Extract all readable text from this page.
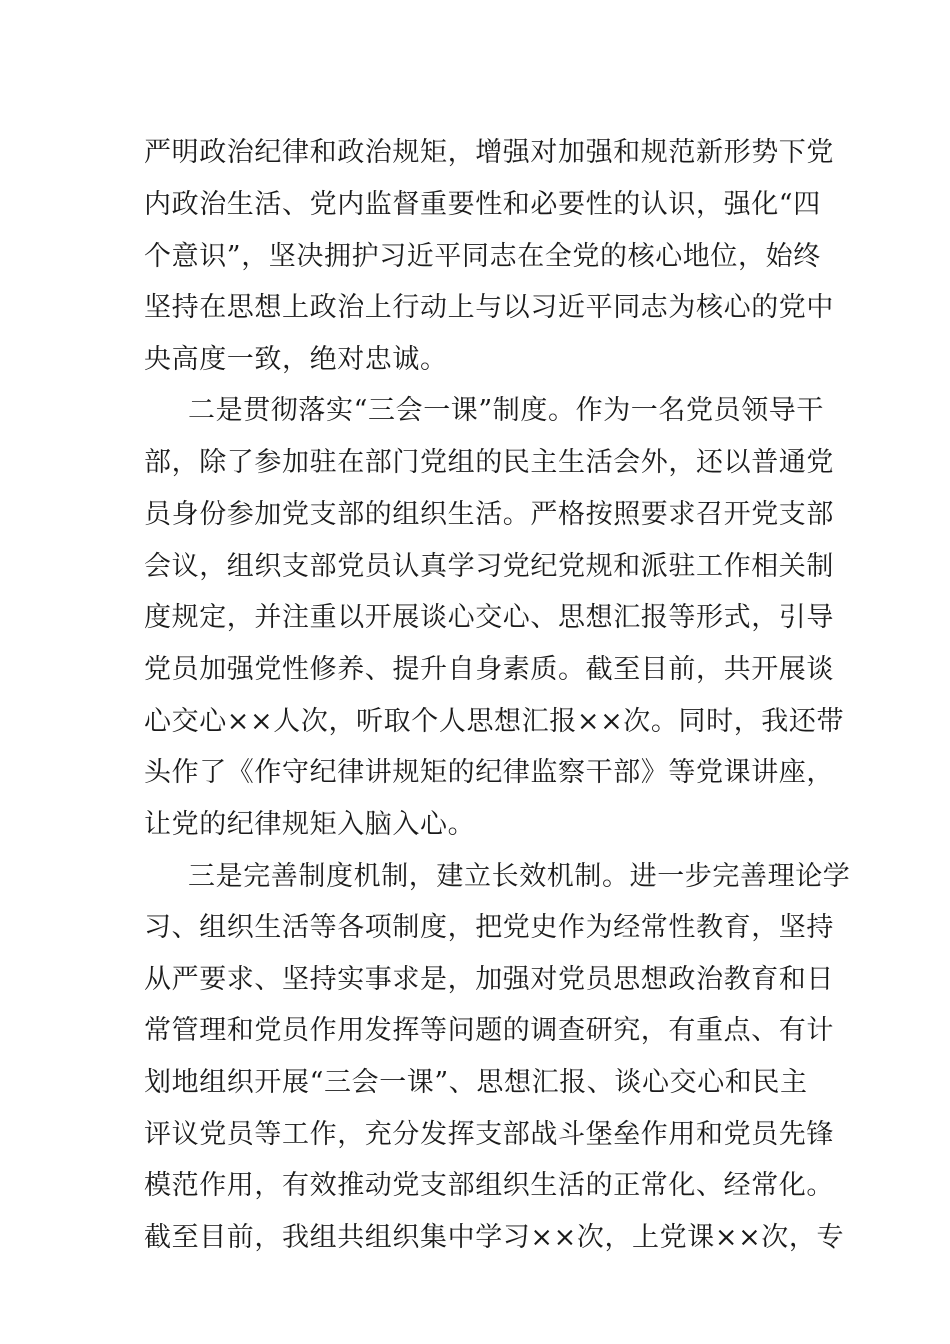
严明政治纪律和政治规矩，增强对加强和规范新形势下党
内政治生活、党内监督重要性和必要性的认识，强化“四
个意识”，坚决拥护习近平同志在全党的核心地位，始终
坚持在思想上政治上行动上与以习近平同志为核心的党中
央高度一致，绝对忠诚。
二是贯彻落实“三会一课”制度。作为一名党员领导干
部，除了参加驻在部门党组的民主生活会外，还以普通党
员身份参加党支部的组织生活。严格按照要求召开党支部
会议，组织支部党员认真学习党纪党规和派驻工作相关制
度规定，并注重以开展谈心交心、思想汇报等形式，引导
党员加强党性修养、提升自身素质。截至目前，共开展谈
心交心××人次，听取个人思想汇报××次。同时，我还带
头作了《作守纪律讲规矩的纪律监察干部》等党课讲座，
让党的纪律规矩入脑入心。
三是完善制度机制，建立长效机制。进一步完善理论学
习、组织生活等各项制度，把党史作为经常性教育，坚持
从严要求、坚持实事求是，加强对党员思想政治教育和日
常管理和党员作用发挥等问题的调查研究，有重点、有计
划地组织开展“三会一课”、思想汇报、谈心交心和民主
评议党员等工作，充分发挥支部战斗堡垒作用和党员先锋
模范作用，有效推动党支部组织生活的正常化、经常化。
截至目前，我组共组织集中学习××次，上党课××次，专
